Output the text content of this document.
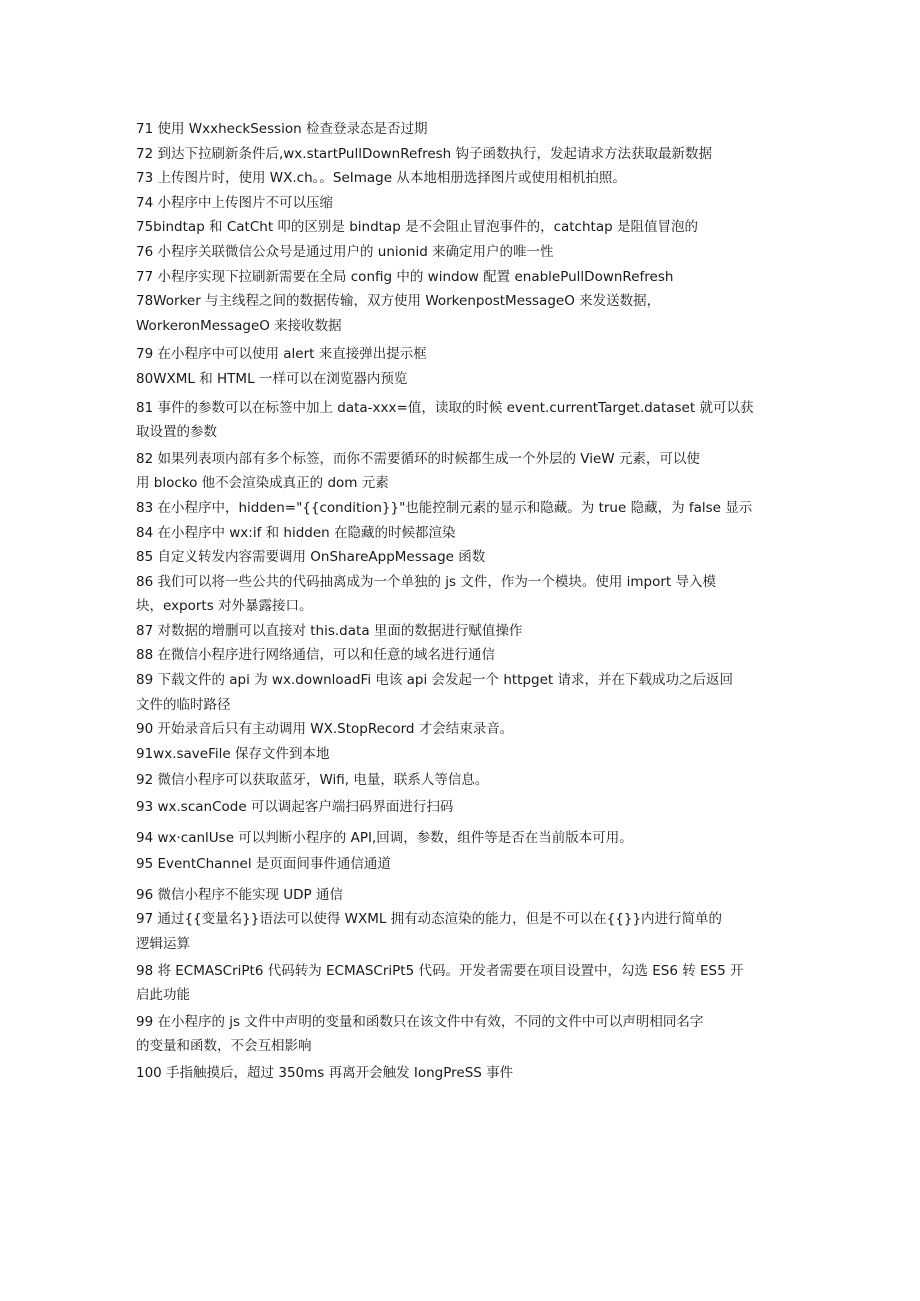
71 使用 WxxheckSession 检查登录态是否过期
72 到达下拉刷新条件后,wx.startPullDownRefresh 钩子函数执行，发起请求方法获取最新数据
73 上传图片时，使用 WX.ch。。SeImage 从本地相册选择图片或使用相机拍照。
74 小程序中上传图片不可以压缩
75bindtap 和 CatCht 叩的区别是 bindtap 是不会阻止冒泡事件的，catchtap 是阻值冒泡的
76 小程序关联微信公众号是通过用户的 unionid 来确定用户的唯一性
77 小程序实现下拉刷新需要在全局 config 中的 window 配置 enablePullDownRefresh
78Worker 与主线程之间的数据传输，双方使用 WorkenpostMessageO 来发送数据，
WorkeronMessageO 来接收数据
79 在小程序中可以使用 alert 来直接弹出提示框
80WXML 和 HTML 一样可以在浏览器内预览
81 事件的参数可以在标签中加上 data-xxx=值，读取的时候 event.currentTarget.dataset 就可以获
取设置的参数
82 如果列表项内部有多个标签，而你不需要循环的时候都生成一个外层的 VieW 元素，可以使
用 blocko 他不会渲染成真正的 dom 元素
83 在小程序中，hidden="{{condition}}"也能控制元素的显示和隐藏。为 true 隐藏，为 false 显示
84 在小程序中 wx:if 和 hidden 在隐藏的时候都渲染
85 自定义转发内容需要调用 OnShareAppMessage 函数
86 我们可以将一些公共的代码抽离成为一个单独的 js 文件，作为一个模块。使用 import 导入模
块，exports 对外暴露接口。
87 对数据的增删可以直接对 this.data 里面的数据进行赋值操作
88 在微信小程序进行网络通信，可以和任意的域名进行通信
89 下载文件的 api 为 wx.downloadFi 电该 api 会发起一个 httpget 请求，并在下载成功之后返回
文件的临时路径
90 开始录音后只有主动调用 WX.StopRecord 才会结束录音。
91wx.saveFile 保存文件到本地
92 微信小程序可以获取蓝牙，Wifi, 电量，联系人等信息。
93 wx.scanCode 可以调起客户端扫码界面进行扫码
94 wx·canlUse 可以判断小程序的 API,回调，参数，组件等是否在当前版本可用。
95 EventChannel 是页面间事件通信通道
96 微信小程序不能实现 UDP 通信
97 通过{{变量名}}语法可以使得 WXML 拥有动态渲染的能力，但是不可以在{{}}内进行简单的
逻辑运算
98 将 ECMASCriPt6 代码转为 ECMASCriPt5 代码。开发者需要在项目设置中，勾选 ES6 转 ES5 开
启此功能
99 在小程序的 js 文件中声明的变量和函数只在该文件中有效，不同的文件中可以声明相同名字
的变量和函数，不会互相影响
100 手指触摸后，超过 350ms 再离开会触发 IongPreSS 事件
